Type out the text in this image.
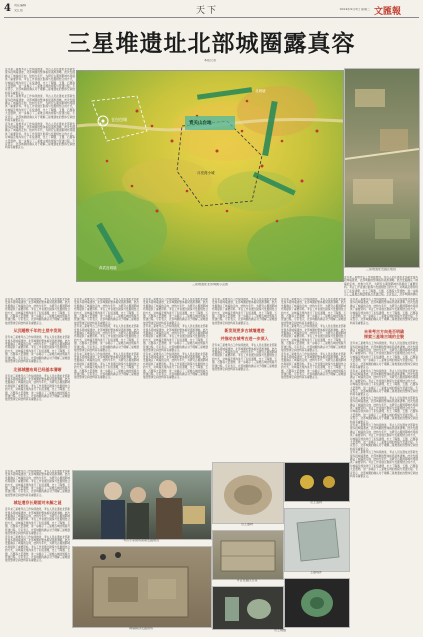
4 责任编辑
文汇报	天下	2024年9月3日 星期二 文匯報
三星堆遗址北部城圈露真容
本报记者
近年来三星堆考古工作持续推进，考古人员在遗址北部新发现多段城墙遗迹，北部城圈的整体格局逐渐清晰。此次发掘确认了城墙的走向、结构与年代，为研究古蜀国都城布局提供了重要资料。考古工作者通过勘探与发掘相结合的方式，对城墙及壕沟进行了系统清理，出土了陶器、玉器、石器等大量遗物，进一步揭示了三星堆古城的规模与营建过程。专家表示，北部城圈的确认对于理解三星堆遗址的整体空间结构具有重要意义。
近年来三星堆考古工作持续推进，考古人员在遗址北部新发现多段城墙遗迹，北部城圈的整体格局逐渐清晰。此次发掘确认了城墙的走向、结构与年代，为研究古蜀国都城布局提供了重要资料。考古工作者通过勘探与发掘相结合的方式，对城墙及壕沟进行了系统清理，出土了陶器、玉器、石器等大量遗物，进一步揭示了三星堆古城的规模与营建过程。专家表示，北部城圈的确认对于理解三星堆遗址的整体空间结构具有重要意义。
近年来三星堆考古工作持续推进，考古人员在遗址北部新发现多段城墙遗迹，北部城圈的整体格局逐渐清晰。此次发掘确认了城墙的走向、结构与年代，为研究古蜀国都城布局提供了重要资料。考古工作者通过勘探与发掘相结合的方式，对城墙及壕沟进行了系统清理，出土了陶器、玉器、石器等大量遗物，进一步揭示了三星堆古城的规模与营建过程。专家表示，北部城圈的确认对于理解三星堆遗址的整体空间结构具有重要意义。
仓包包城
青关山台地
月亮湾小城
北城墙
真武宫城墙
三星堆遗址北部城圈示意图
三星堆遗址发掘区航拍
近年来三星堆考古工作持续推进，考古人员在遗址北部新发现多段城墙遗迹，北部城圈的整体格局逐渐清晰。此次发掘确认了城墙的走向、结构与年代，为研究古蜀国都城布局提供了重要资料。考古工作者通过勘探与发掘相结合的方式，对城墙及壕沟进行了系统清理，出土了陶器、玉器、石器等大量遗物，进一步揭示了三星堆古城的规模与营建过程。专家表示，北部城圈的确认
近年来三星堆考古工作持续推进，考古人员在遗址北部新发现多段城墙遗迹，北部城圈的整体格局逐渐清晰。此次发掘确认了城墙的走向、结构与年代，为研究古蜀国都城布局提供了重要资料。考古工作者通过勘探与发掘相结合的方式，对城墙及壕沟进行了系统清理，出土了陶器、玉器、石器等大量遗物，进一步揭示了三星堆古城的规模与营建过程。专家表示，北部城圈的确认对于理解三星堆遗址的整体空间结构具有重要意义。
从沉睡数千年的土层中发现
近年来三星堆考古工作持续推进，考古人员在遗址北部新发现多段城墙遗迹，北部城圈的整体格局逐渐清晰。此次发掘确认了城墙的走向、结构与年代，为研究古蜀国都城布局提供了重要资料。考古工作者通过勘探与发掘相结合的方式，对城墙及壕沟进行了系统清理，出土了陶器、玉器、石器等大量遗物，进一步揭示了三星堆古城的规模与营建过程。专家表示，北部城圈的确认对于理解三星堆遗址的整体空间结构具有重要意义。
北部城圈布局已经基本清晰
近年来三星堆考古工作持续推进，考古人员在遗址北部新发现多段城墙遗迹，北部城圈的整体格局逐渐清晰。此次发掘确认了城墙的走向、结构与年代，为研究古蜀国都城布局提供了重要资料。考古工作者通过勘探与发掘相结合的方式，对城墙及壕沟进行了系统清理，出土了陶器、玉器、石器等大量遗物，进一步揭示了三星堆古城的规模与营建过程。专家表示，北部城圈的确认对于理解三星堆遗址的整体空间结构具有重要意义。
近年来三星堆考古工作持续推进，考古人员在遗址北部新发现多段城墙遗迹，北部城圈的整体格局逐渐清晰。此次发掘确认了城墙的走向、结构与年代，为研究古蜀国都城布局提供了重要资料。考古工作者通过勘探与发掘相结合的方式，对城墙及壕沟进行了系统清理，出土了陶器、玉器、石器等大量遗物，进一步揭示了三星堆古城的规模与营建过程。专家表示，北部城圈的确认对于理解三星堆遗址的整体空间结构具有重要意义。
近年来三星堆考古工作持续推进，考古人员在遗址北部新发现多段城墙遗迹，北部城圈的整体格局逐渐清晰。此次发掘确认了城墙的走向、结构与年代，为研究古蜀国都城布局提供了重要资料。考古工作者通过勘探与发掘相结合的方式，对城墙及壕沟进行了系统清理，出土了陶器、玉器、石器等大量遗物，进一步揭示了三星堆古城的规模与营建过程。专家表示，北部城圈的确认对于理解三星堆遗址的整体空间结构具有重要意义。
近年来三星堆考古工作持续推进，考古人员在遗址北部新发现多段城墙遗迹，北部城圈的整体格局逐渐清晰。此次发掘确认了城墙的走向、结构与年代，为研究古蜀国都城布局提供了重要资料。考古工作者通过勘探与发掘相结合的方式，对城墙及壕沟进行了系统清理，出土了陶器、玉器、石器等大量遗物，进一步揭示了三星堆古城的规模与营建过程。专家表示，北部城圈的确认对于理解三星堆遗址的整体空间结构具有重要意义。
近年来三星堆考古工作持续推进，考古人员在遗址北部新发现多段城墙遗迹，北部城圈的整体格局逐渐清晰。此次发掘确认了城墙的走向、结构与年代，为研究古蜀国都城布局提供了重要资料。考古工作者通过勘探与发掘相结合的方式，对城墙及壕沟进行了系统清理，出土了陶器、玉器、石器等大量遗物，进一步揭示了三星堆古城的规模与营建过程。专家表示，北部城圈的确认对于理解三星堆遗址的整体空间结构具有重要意义。
近年来三星堆考古工作持续推进，考古人员在遗址北部新发现多段城墙遗迹，北部城圈的整体格局逐渐清晰。此次发掘确认了城墙的走向、结构与年代，为研究古蜀国都城布局提供了重要资料。考古工作者通过勘探与发掘相结合的方式，对城墙及壕沟进行了系统清理，出土了陶器、玉器、石器等大量遗物，进一步揭示了三星堆古城的规模与营建过程。专家表示，北部城圈的确认对于理解三星堆遗址的整体空间结构具有重要意义。
近年来三星堆考古工作持续推进，考古人员在遗址北部新发现多段城墙遗迹，北部城圈的整体格局逐渐清晰。此次发掘确认了城墙的走向、结构与年代，为研究古蜀国都城布局提供了重要资料。考古工作者通过勘探与发掘相结合的方式，对城墙及壕沟进行了系统清理，出土了陶器、玉器、石器等大量遗物，进一步揭示了三星堆古城的规模与营建过程。专家表示，北部城圈的确认对于理解三星堆遗址的整体空间结构具有重要意义。
近年来三星堆考古工作持续推进，考古人员在遗址北部新发现多段城墙遗迹，北部城圈的整体格局逐渐清晰。此次发掘确认了城墙的走向、结构与年代，为研究古蜀国都城布局提供了重要资料。考古工作者通过勘探与发掘相结合的方式，对城墙及壕沟进行了系统清理，出土了陶器、玉器、石器等大量遗物，进一步揭示了三星堆古城的规模与营建过程。专家表示，北部城圈的确认对于理解三星堆遗址的整体空间结构具有重要意义。
新发现更多古城墙遗迹
并推动古城考古进一步深入
近年来三星堆考古工作持续推进，考古人员在遗址北部新发现多段城墙遗迹，北部城圈的整体格局逐渐清晰。此次发掘确认了城墙的走向、结构与年代，为研究古蜀国都城布局提供了重要资料。考古工作者通过勘探与发掘相结合的方式，对城墙及壕沟进行了系统清理，出土了陶器、玉器、石器等大量遗物，进一步揭示了三星堆古城的规模与营建过程。专家表示，北部城圈的确认对于理解三星堆遗址的整体空间结构具有重要意义。
近年来三星堆考古工作持续推进，考古人员在遗址北部新发现多段城墙遗迹，北部城圈的整体格局逐渐清晰。此次发掘确认了城墙的走向、结构与年代，为研究古蜀国都城布局提供了重要资料。考古工作者通过勘探与发掘相结合的方式，对城墙及壕沟进行了系统清理，出土了陶器、玉器、石器等大量遗物，进一步揭示了三星堆古城的规模与营建过程。专家表示，北部城圈的确认对于理解三星堆遗址的整体空间结构具有重要意义。
近年来三星堆考古工作持续推进，考古人员在遗址北部新发现多段城墙遗迹，北部城圈的整体格局逐渐清晰。此次发掘确认了城墙的走向、结构与年代，为研究古蜀国都城布局提供了重要资料。考古工作者通过勘探与发掘相结合的方式，对城墙及壕沟进行了系统清理，出土了陶器、玉器、石器等大量遗物，进一步揭示了三星堆古城的规模与营建过程。专家表示，北部城圈的确认对于理解三星堆遗址的整体空间结构具有重要意义。
近年来三星堆考古工作持续推进，考古人员在遗址北部新发现多段城墙遗迹，北部城圈的整体格局逐渐清晰。此次发掘确认了城墙的走向、结构与年代，为研究古蜀国都城布局提供了重要资料。考古工作者通过勘探与发掘相结合的方式，对城墙及壕沟进行了系统清理，出土了陶器、玉器、石器等大量遗物，进一步揭示了三星堆古城的规模与营建过程。专家表示，北部城圈的确认对于理解三星堆遗址的整体空间结构具有重要意义。
近年来三星堆考古工作持续推进，考古人员在遗址北部新发现多段城墙遗迹，北部城圈的整体格局逐渐清晰。此次发掘确认了城墙的走向、结构与年代，为研究古蜀国都城布局提供了重要资料。考古工作者通过勘探与发掘相结合的方式，对城墙及壕沟进行了系统清理，出土了陶器、玉器、石器等大量遗物，进一步揭示了三星堆古城的规模与营建过程。专家表示，北部城圈的确认对于理解三星堆遗址的整体空间结构具有重要意义。
未来考古方向是否明确
探索三星堆古城的全貌
近年来三星堆考古工作持续推进，考古人员在遗址北部新发现多段城墙遗迹，北部城圈的整体格局逐渐清晰。此次发掘确认了城墙的走向、结构与年代，为研究古蜀国都城布局提供了重要资料。考古工作者通过勘探与发掘相结合的方式，对城墙及壕沟进行了系统清理，出土了陶器、玉器、石器等大量遗物，进一步揭示了三星堆古城的规模与营建过程。专家表示，北部城圈的确认对于理解三星堆遗址的整体空间结构具有重要意义。
近年来三星堆考古工作持续推进，考古人员在遗址北部新发现多段城墙遗迹，北部城圈的整体格局逐渐清晰。此次发掘确认了城墙的走向、结构与年代，为研究古蜀国都城布局提供了重要资料。考古工作者通过勘探与发掘相结合的方式，对城墙及壕沟进行了系统清理，出土了陶器、玉器、石器等大量遗物，进一步揭示了三星堆古城的规模与营建过程。专家表示，北部城圈的确认对于理解三星堆遗址的整体空间结构具有重要意义。
近年来三星堆考古工作持续推进，考古人员在遗址北部新发现多段城墙遗迹，北部城圈的整体格局逐渐清晰。此次发掘确认了城墙的走向、结构与年代，为研究古蜀国都城布局提供了重要资料。考古工作者通过勘探与发掘相结合的方式，对城墙及壕沟进行了系统清理，出土了陶器、玉器、石器等大量遗物，进一步揭示了三星堆古城的规模与营建过程。专家表示，北部城圈的确认对于理解三星堆遗址的整体空间结构具有重要意义。
近年来三星堆考古工作持续推进，考古人员在遗址北部新发现多段城墙遗迹，北部城圈的整体格局逐渐清晰。此次发掘确认了城墙的走向、结构与年代，为研究古蜀国都城布局提供了重要资料。考古工作者通过勘探与发掘相结合的方式，对城墙及壕沟进行了系统清理，出土了陶器、玉器、石器等大量遗物，进一步揭示了三星堆古城的规模与营建过程。专家表示，北部城圈的确认对于理解三星堆遗址的整体空间结构具有重要意义。
近年来三星堆考古工作持续推进，考古人员在遗址北部新发现多段城墙遗迹，北部城圈的整体格局逐渐清晰。此次发掘确认了城墙的走向、结构与年代，为研究古蜀国都城布局提供了重要资料。考古工作者通过勘探与发掘相结合的方式，对城墙及壕沟进行了系统清理，出土了陶器、玉器、石器等大量遗物，进一步揭示了三星堆古城的规模与营建过程。专家表示，北部城圈的确认对于理解三星堆遗址的整体空间结构具有重要意义。
近年来三星堆考古工作持续推进，考古人员在遗址北部新发现多段城墙遗迹，北部城圈的整体格局逐渐清晰。此次发掘确认了城墙的走向、结构与年代，为研究古蜀国都城布局提供了重要资料。考古工作者通过勘探与发掘相结合的方式，对城墙及壕沟进行了系统清理，出土了陶器、玉器、石器等大量遗物，进一步揭示了三星堆古城的规模与营建过程。专家表示，北部城圈的确认对于理解三星堆遗址的整体空间结构具有重要意义。
城址遗存长期面对未解之谜
近年来三星堆考古工作持续推进，考古人员在遗址北部新发现多段城墙遗迹，北部城圈的整体格局逐渐清晰。此次发掘确认了城墙的走向、结构与年代，为研究古蜀国都城布局提供了重要资料。考古工作者通过勘探与发掘相结合的方式，对城墙及壕沟进行了系统清理，出土了陶器、玉器、石器等大量遗物，进一步揭示了三星堆古城的规模与营建过程。专家表示，北部城圈的确认对于理解三星堆遗址的整体空间结构具有重要意义。
近年来三星堆考古工作持续推进，考古人员在遗址北部新发现多段城墙遗迹，北部城圈的整体格局逐渐清晰。此次发掘确认了城墙的走向、结构与年代，为研究古蜀国都城布局提供了重要资料。考古工作者通过勘探与发掘相结合的方式，对城墙及壕沟进行了系统清理，出土了陶器、玉器、石器等大量遗物，进一步揭示了三星堆古城的规模与营建过程。专家表示，北部城圈的确认对于理解三星堆遗址的整体空间结构具有重要意义。
考古专家现场查看发掘情况
城墙解剖发掘现场
出土器物
出土遗物
考古发掘区全景
玉器残件
出土铜器
